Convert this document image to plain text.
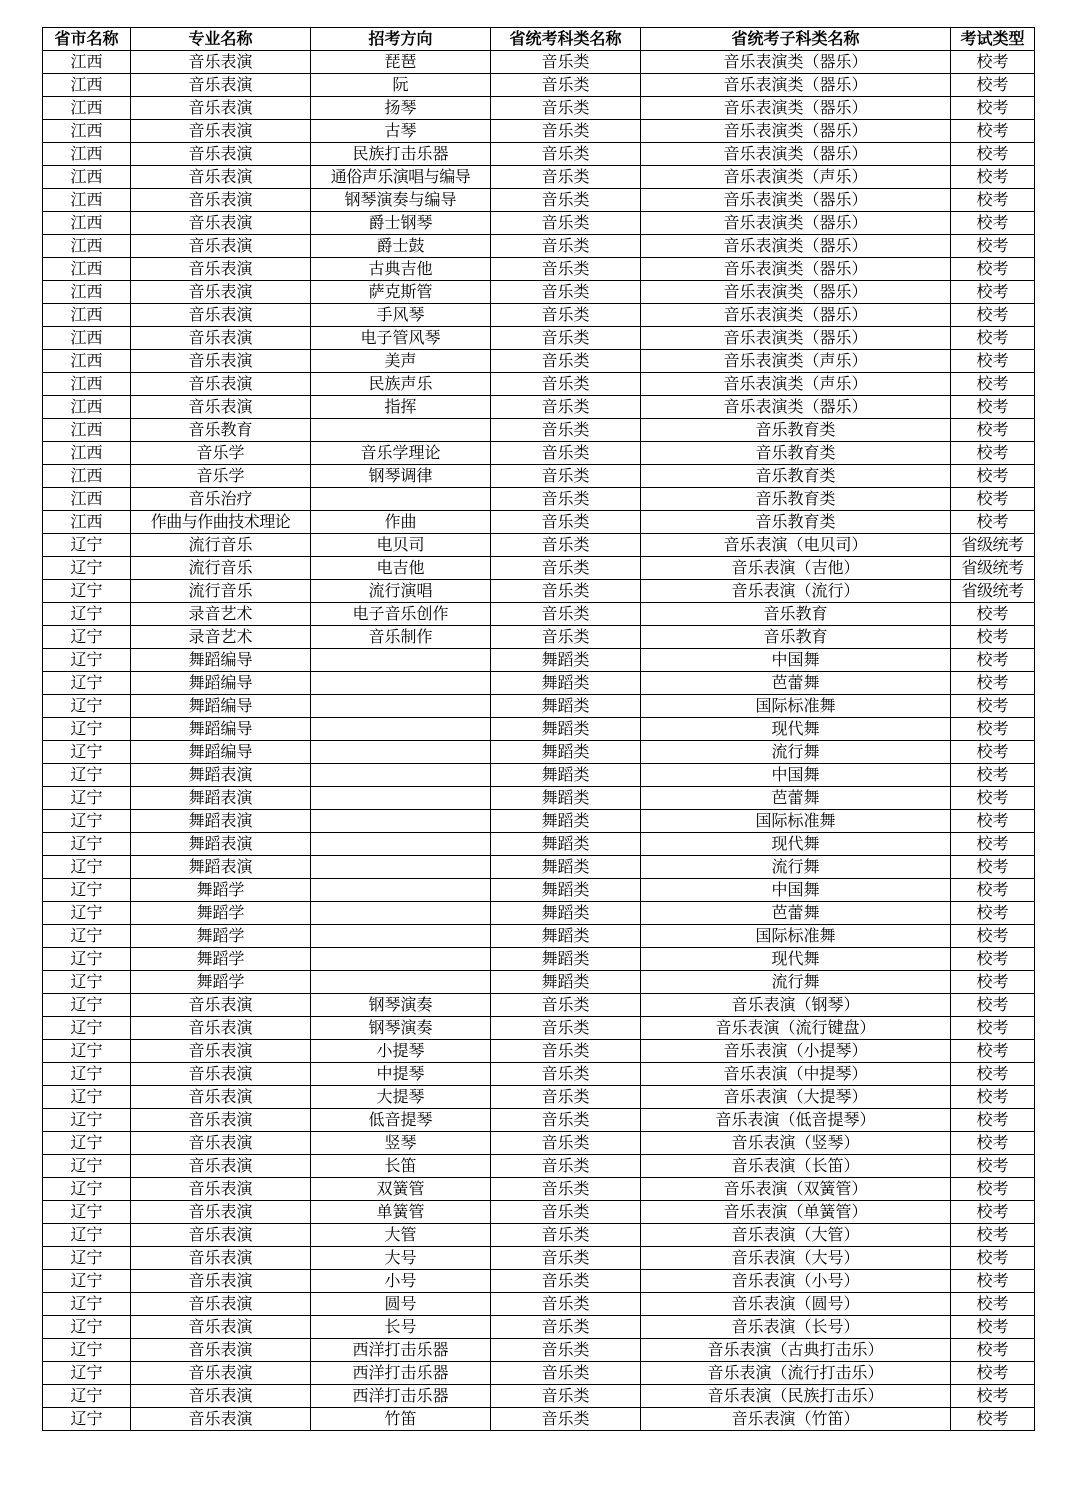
省市名称	专业名称	招考方向	省统考科类名称	省统考子科类名称	考试类型
江西	音乐表演	琵琶	音乐类	音乐表演类（器乐）	校考
江西	音乐表演	阮	音乐类	音乐表演类（器乐）	校考
江西	音乐表演	扬琴	音乐类	音乐表演类（器乐）	校考
江西	音乐表演	古琴	音乐类	音乐表演类（器乐）	校考
江西	音乐表演	民族打击乐器	音乐类	音乐表演类（器乐）	校考
江西	音乐表演	通俗声乐演唱与编导	音乐类	音乐表演类（声乐）	校考
江西	音乐表演	钢琴演奏与编导	音乐类	音乐表演类（器乐）	校考
江西	音乐表演	爵士钢琴	音乐类	音乐表演类（器乐）	校考
江西	音乐表演	爵士鼓	音乐类	音乐表演类（器乐）	校考
江西	音乐表演	古典吉他	音乐类	音乐表演类（器乐）	校考
江西	音乐表演	萨克斯管	音乐类	音乐表演类（器乐）	校考
江西	音乐表演	手风琴	音乐类	音乐表演类（器乐）	校考
江西	音乐表演	电子管风琴	音乐类	音乐表演类（器乐）	校考
江西	音乐表演	美声	音乐类	音乐表演类（声乐）	校考
江西	音乐表演	民族声乐	音乐类	音乐表演类（声乐）	校考
江西	音乐表演	指挥	音乐类	音乐表演类（器乐）	校考
江西	音乐教育		音乐类	音乐教育类	校考
江西	音乐学	音乐学理论	音乐类	音乐教育类	校考
江西	音乐学	钢琴调律	音乐类	音乐教育类	校考
江西	音乐治疗		音乐类	音乐教育类	校考
江西	作曲与作曲技术理论	作曲	音乐类	音乐教育类	校考
辽宁	流行音乐	电贝司	音乐类	音乐表演（电贝司）	省级统考
辽宁	流行音乐	电吉他	音乐类	音乐表演（吉他）	省级统考
辽宁	流行音乐	流行演唱	音乐类	音乐表演（流行）	省级统考
辽宁	录音艺术	电子音乐创作	音乐类	音乐教育	校考
辽宁	录音艺术	音乐制作	音乐类	音乐教育	校考
辽宁	舞蹈编导		舞蹈类	中国舞	校考
辽宁	舞蹈编导		舞蹈类	芭蕾舞	校考
辽宁	舞蹈编导		舞蹈类	国际标准舞	校考
辽宁	舞蹈编导		舞蹈类	现代舞	校考
辽宁	舞蹈编导		舞蹈类	流行舞	校考
辽宁	舞蹈表演		舞蹈类	中国舞	校考
辽宁	舞蹈表演		舞蹈类	芭蕾舞	校考
辽宁	舞蹈表演		舞蹈类	国际标准舞	校考
辽宁	舞蹈表演		舞蹈类	现代舞	校考
辽宁	舞蹈表演		舞蹈类	流行舞	校考
辽宁	舞蹈学		舞蹈类	中国舞	校考
辽宁	舞蹈学		舞蹈类	芭蕾舞	校考
辽宁	舞蹈学		舞蹈类	国际标准舞	校考
辽宁	舞蹈学		舞蹈类	现代舞	校考
辽宁	舞蹈学		舞蹈类	流行舞	校考
辽宁	音乐表演	钢琴演奏	音乐类	音乐表演（钢琴）	校考
辽宁	音乐表演	钢琴演奏	音乐类	音乐表演（流行键盘）	校考
辽宁	音乐表演	小提琴	音乐类	音乐表演（小提琴）	校考
辽宁	音乐表演	中提琴	音乐类	音乐表演（中提琴）	校考
辽宁	音乐表演	大提琴	音乐类	音乐表演（大提琴）	校考
辽宁	音乐表演	低音提琴	音乐类	音乐表演（低音提琴）	校考
辽宁	音乐表演	竖琴	音乐类	音乐表演（竖琴）	校考
辽宁	音乐表演	长笛	音乐类	音乐表演（长笛）	校考
辽宁	音乐表演	双簧管	音乐类	音乐表演（双簧管）	校考
辽宁	音乐表演	单簧管	音乐类	音乐表演（单簧管）	校考
辽宁	音乐表演	大管	音乐类	音乐表演（大管）	校考
辽宁	音乐表演	大号	音乐类	音乐表演（大号）	校考
辽宁	音乐表演	小号	音乐类	音乐表演（小号）	校考
辽宁	音乐表演	圆号	音乐类	音乐表演（圆号）	校考
辽宁	音乐表演	长号	音乐类	音乐表演（长号）	校考
辽宁	音乐表演	西洋打击乐器	音乐类	音乐表演（古典打击乐）	校考
辽宁	音乐表演	西洋打击乐器	音乐类	音乐表演（流行打击乐）	校考
辽宁	音乐表演	西洋打击乐器	音乐类	音乐表演（民族打击乐）	校考
辽宁	音乐表演	竹笛	音乐类	音乐表演（竹笛）	校考
